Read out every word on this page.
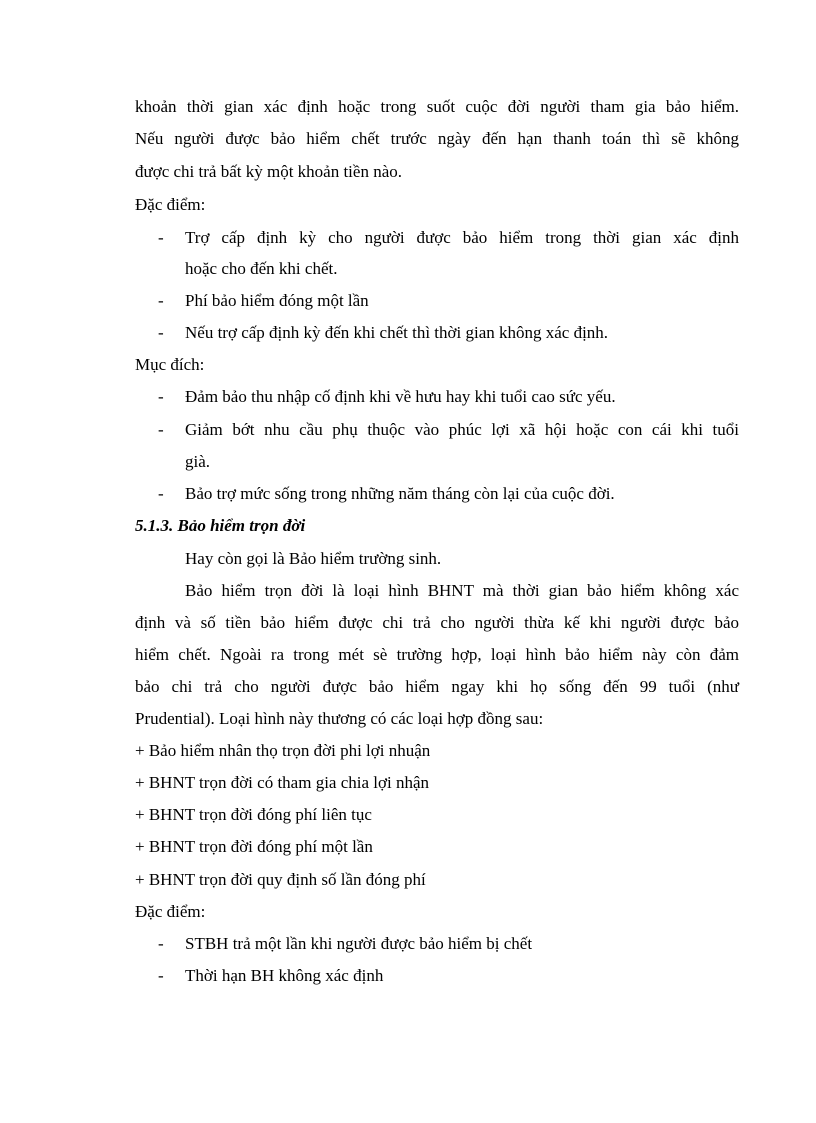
khoản thời gian xác định hoặc trong suốt cuộc đời người tham gia bảo hiểm.
Nếu người được bảo hiểm chết trước ngày đến hạn thanh toán thì sẽ không
được chi trả bất kỳ một khoản tiền nào.
Đặc điểm:
- Trợ cấp định kỳ cho người được bảo hiểm trong thời gian xác định
hoặc cho đến khi chết.
- Phí bảo hiểm đóng một lần
- Nếu trợ cấp định kỳ đến khi chết thì thời gian không xác định.
Mục đích:
- Đảm bảo thu nhập cố định khi về hưu hay khi tuổi cao sức yếu.
- Giảm bớt nhu cầu phụ thuộc vào phúc lợi xã hội hoặc con cái khi tuổi
già.
- Bảo trợ mức sống trong những năm tháng còn lại của cuộc đời.
5.1.3. Bảo hiểm trọn đời
Hay còn gọi là Bảo hiểm trường sinh.
Bảo hiểm trọn đời là loại hình BHNT mà thời gian bảo hiểm không xác
định và số tiền bảo hiểm được chi trả cho người thừa kế khi người được bảo
hiểm chết. Ngoài ra trong mét sè trường hợp, loại hình bảo hiểm này còn đảm
bảo chi trả cho người được bảo hiểm ngay khi họ sống đến 99 tuổi (như
Prudential). Loại hình này thương có các loại hợp đồng sau:
+ Bảo hiểm nhân thọ trọn đời phi lợi nhuận
+ BHNT trọn đời có tham gia chia lợi nhận
+ BHNT trọn đời đóng phí liên tục
+ BHNT trọn đời đóng phí một lần
+ BHNT trọn đời quy định số lần đóng phí
Đặc điểm:
- STBH trả một lần khi người được bảo hiểm bị chết
- Thời hạn BH không xác định
